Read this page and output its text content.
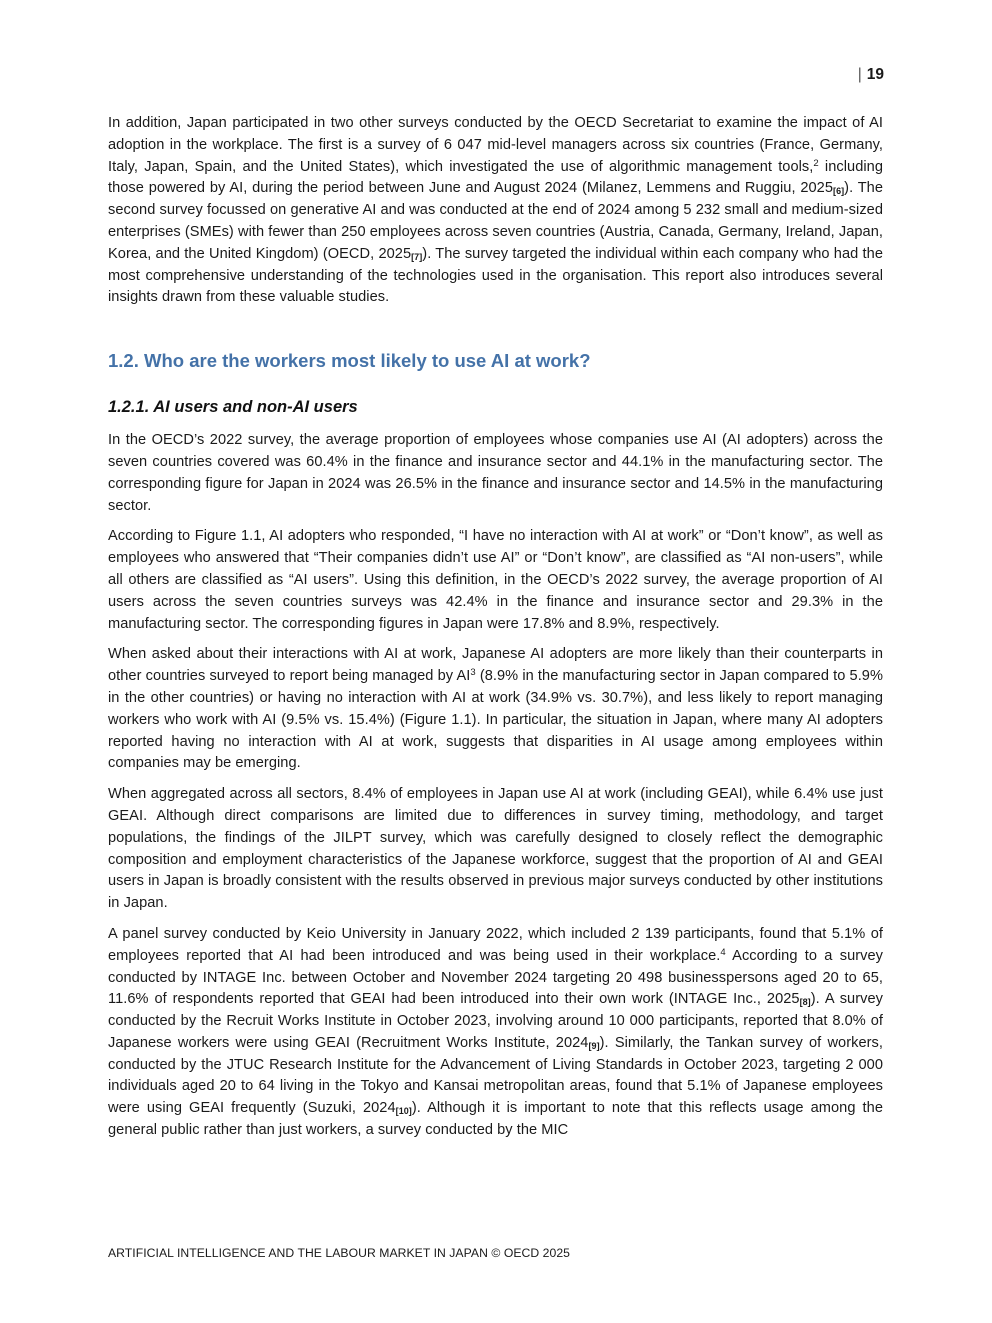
| 19

In addition, Japan participated in two other surveys conducted by the OECD Secretariat to examine the impact of AI adoption in the workplace. The first is a survey of 6 047 mid-level managers across six countries (France, Germany, Italy, Japan, Spain, and the United States), which investigated the use of algorithmic management tools,$^2$ including those powered by AI, during the period between June and August 2024 (Milanez, Lemmens and Ruggiu, 2025[6]). The second survey focussed on generative AI and was conducted at the end of 2024 among 5 232 small and medium-sized enterprises (SMEs) with fewer than 250 employees across seven countries (Austria, Canada, Germany, Ireland, Japan, Korea, and the United Kingdom) (OECD, 2025[7]). The survey targeted the individual within each company who had the most comprehensive understanding of the technologies used in the organisation. This report also introduces several insights drawn from these valuable studies.

1.2. Who are the workers most likely to use AI at work?
1.2.1. AI users and non-AI users

In the OECD’s 2022 survey, the average proportion of employees whose companies use AI (AI adopters) across the seven countries covered was 60.4% in the finance and insurance sector and 44.1% in the manufacturing sector. The corresponding figure for Japan in 2024 was 26.5% in the finance and insurance sector and 14.5% in the manufacturing sector.

According to Figure 1.1, AI adopters who responded, “I have no interaction with AI at work” or “Don’t know”, as well as employees who answered that “Their companies didn’t use AI” or “Don’t know”, are classified as “AI non-users”, while all others are classified as “AI users”. Using this definition, in the OECD’s 2022 survey, the average proportion of AI users across the seven countries surveys was 42.4% in the finance and insurance sector and 29.3% in the manufacturing sector. The corresponding figures in Japan were 17.8% and 8.9%, respectively.

When asked about their interactions with AI at work, Japanese AI adopters are more likely than their counterparts in other countries surveyed to report being managed by $AI^3$ (8.9% in the manufacturing sector in Japan compared to 5.9% in the other countries) or having no interaction with AI at work (34.9% vs. 30.7%), and less likely to report managing workers who work with AI (9.5% vs. 15.4%) (Figure 1.1). In particular, the situation in Japan, where many AI adopters reported having no interaction with AI at work, suggests that disparities in AI usage among employees within companies may be emerging.

When aggregated across all sectors, 8.4% of employees in Japan use AI at work (including GEAI), while 6.4% use just GEAI. Although direct comparisons are limited due to differences in survey timing, methodology, and target populations, the findings of the JILPT survey, which was carefully designed to closely reflect the demographic composition and employment characteristics of the Japanese workforce, suggest that the proportion of AI and GEAI users in Japan is broadly consistent with the results observed in previous major surveys conducted by other institutions in Japan.

A panel survey conducted by Keio University in January 2022, which included 2 139 participants, found that 5.1% of employees reported that AI had been introduced and was being used in their workplace.$^4$ According to a survey conducted by INTAGE Inc. between October and November 2024 targeting 20 498 businesspersons aged 20 to 65, 11.6% of respondents reported that GEAI had been introduced into their own work (INTAGE Inc., 2025[8]). A survey conducted by the Recruit Works Institute in October 2023, involving around 10 000 participants, reported that 8.0% of Japanese workers were using GEAI (Recruitment Works Institute, 2024[9]). Similarly, the Tankan survey of workers, conducted by the JTUC Research Institute for the Advancement of Living Standards in October 2023, targeting 2 000 individuals aged 20 to 64 living in the Tokyo and Kansai metropolitan areas, found that 5.1% of Japanese employees were using GEAI frequently (Suzuki, 2024[10]). Although it is important to note that this reflects usage among the general public rather than just workers, a survey conducted by the MIC

ARTIFICIAL INTELLIGENCE AND THE LABOUR MARKET IN JAPAN © OECD 2025
